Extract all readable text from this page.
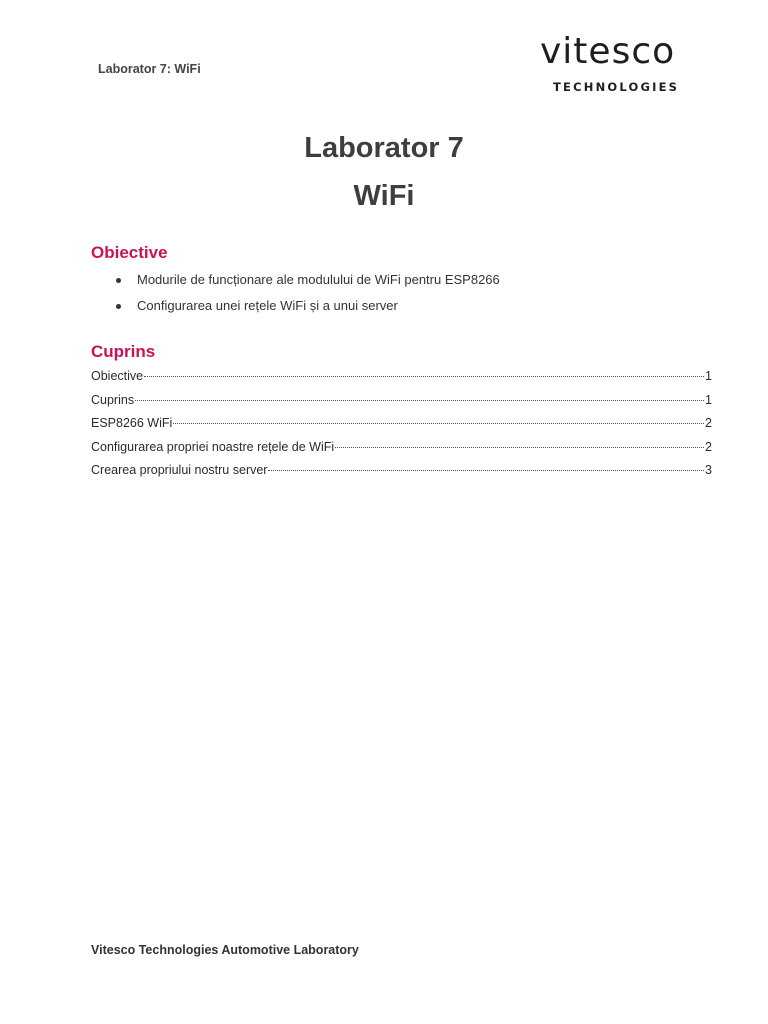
Laborator 7: WiFi	vitesco
TECHNOLOGIES
Laborator 7
WiFi
Obiective
Modurile de funcționare ale modulului de WiFi pentru ESP8266
Configurarea unei rețele WiFi și a unui server
Cuprins
Obiective	1
Cuprins	1
ESP8266 WiFi	2
Configurarea propriei noastre rețele de WiFi	2
Crearea propriului nostru server	3
Vitesco Technologies Automotive Laboratory
